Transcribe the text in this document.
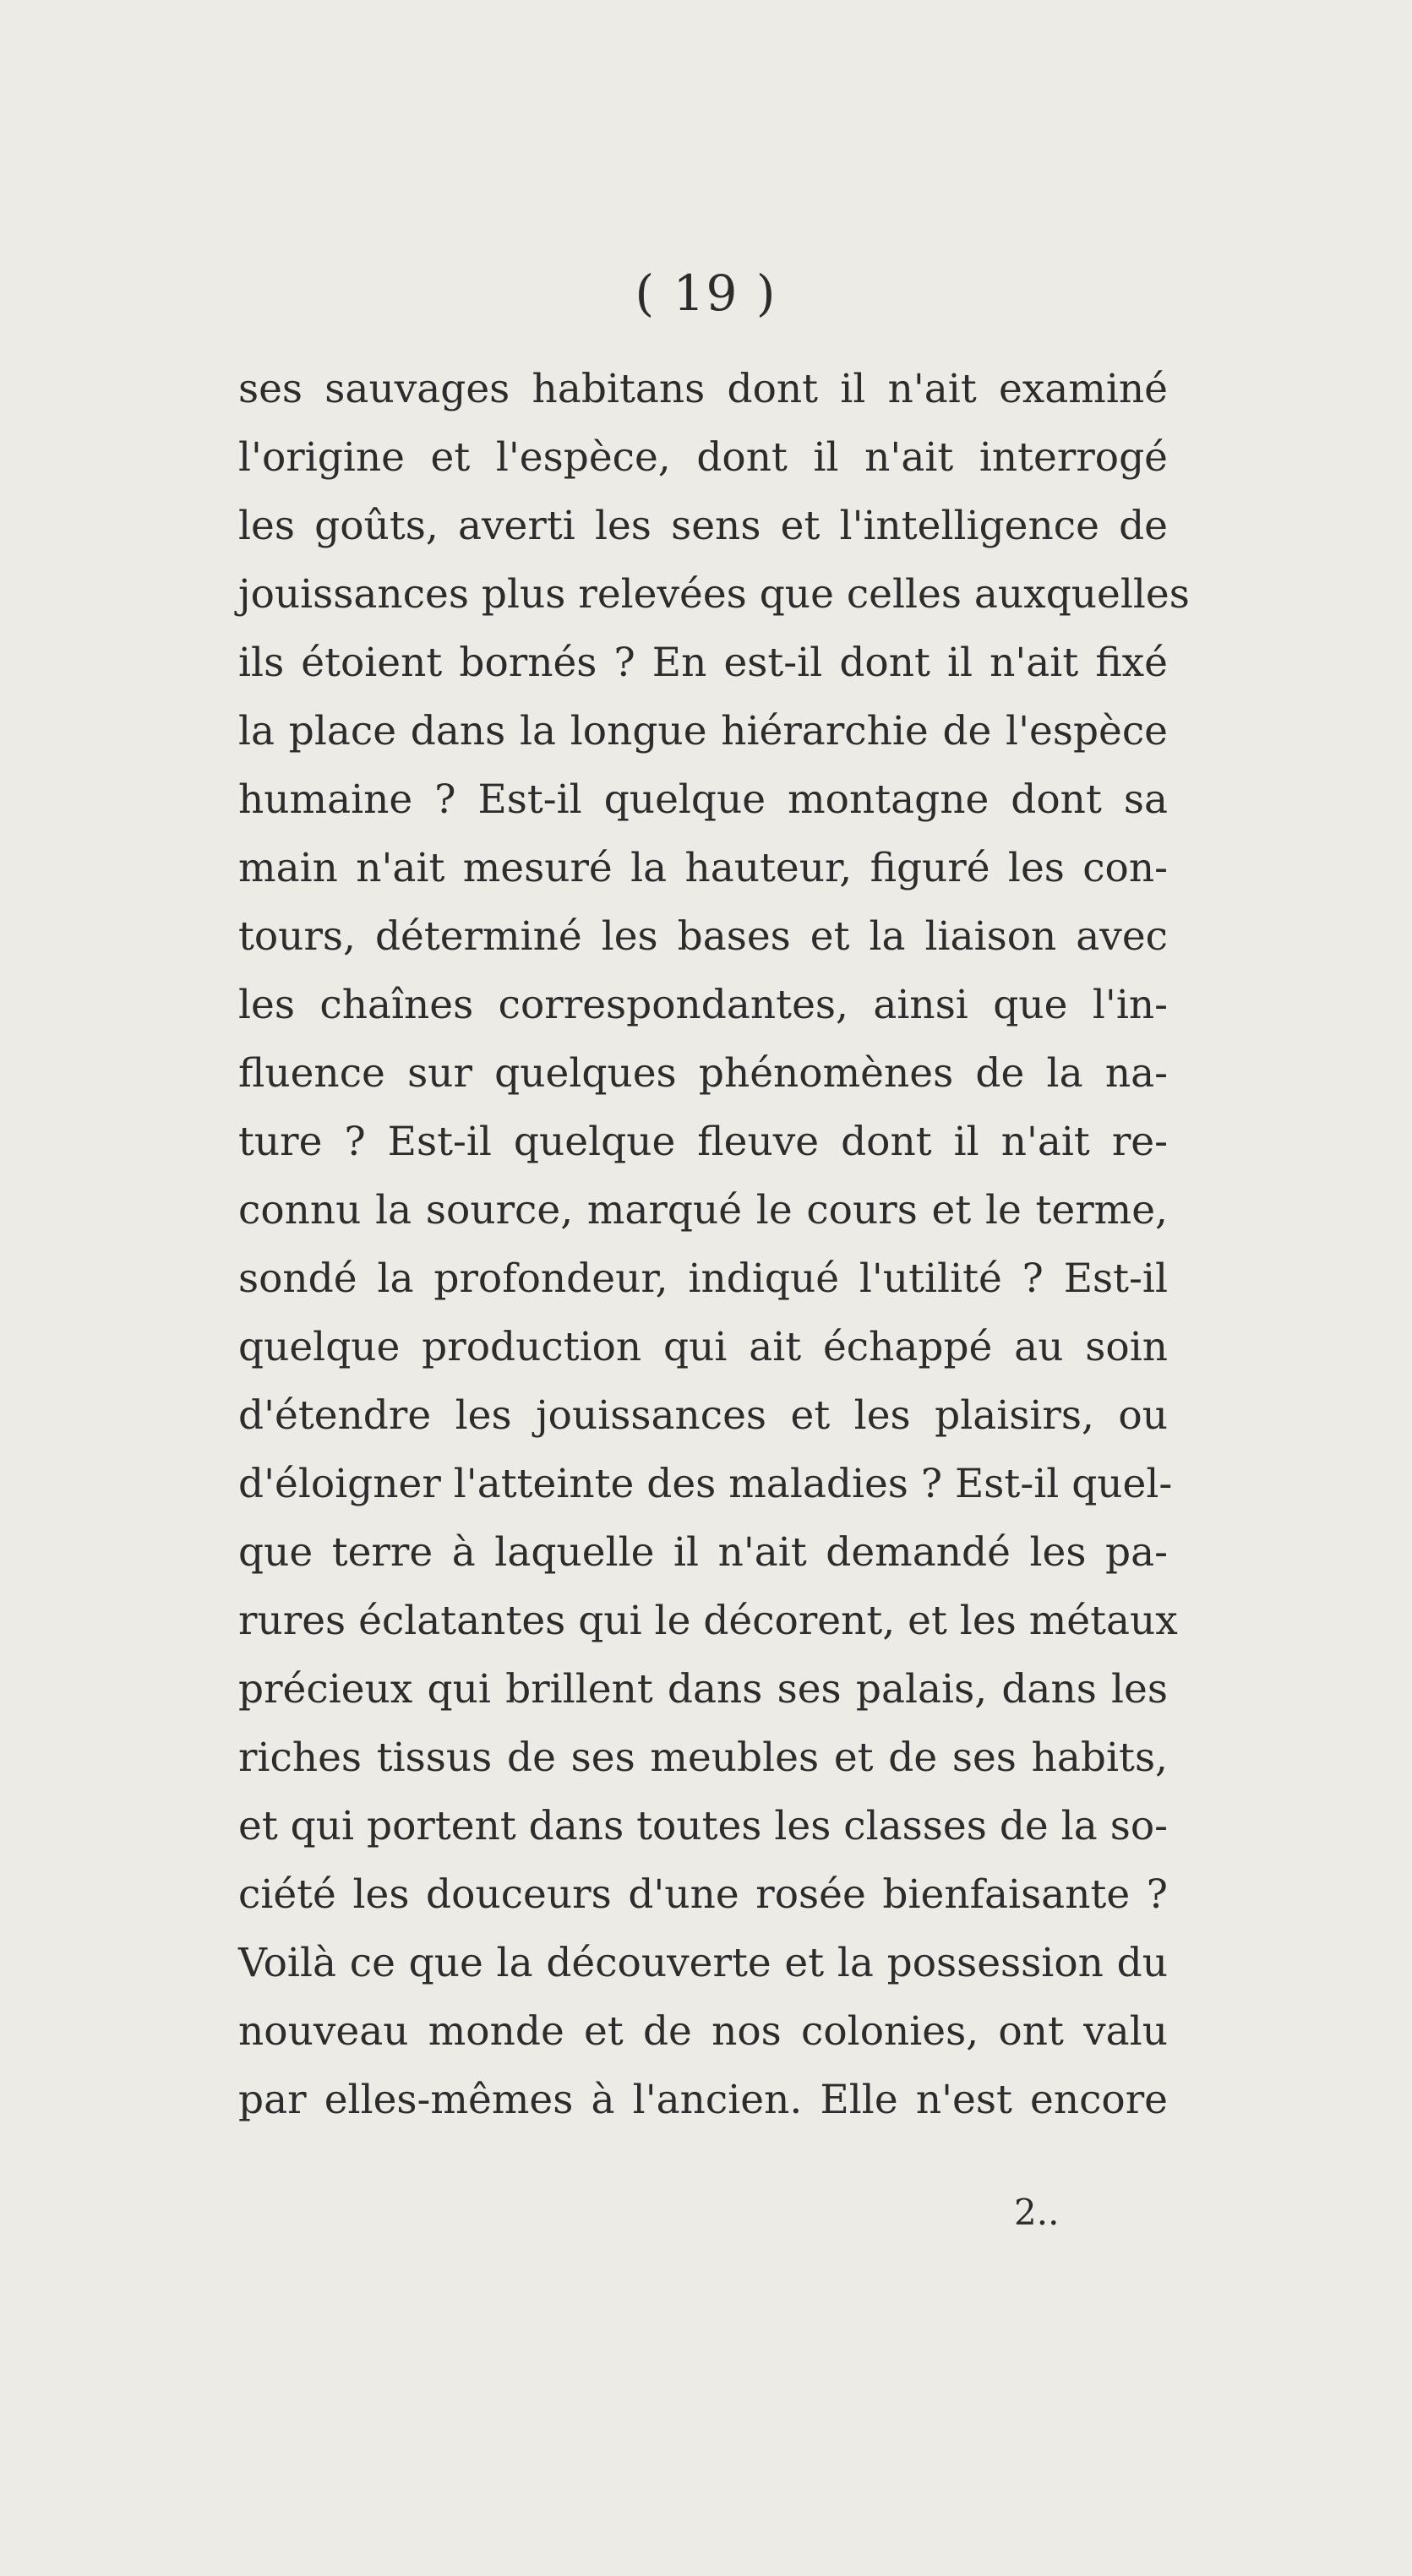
( 19 )
ses sauvages habitans dont il n'ait examiné
l'origine et l'espèce, dont il n'ait interrogé
les goûts, averti les sens et l'intelligence de
jouissances plus relevées que celles auxquelles
ils étoient bornés ? En est-il dont il n'ait fixé
la place dans la longue hiérarchie de l'espèce
humaine ? Est-il quelque montagne dont sa
main n'ait mesuré la hauteur, figuré les con-
tours, déterminé les bases et la liaison avec
les chaînes correspondantes, ainsi que l'in-
fluence sur quelques phénomènes de la na-
ture ? Est-il quelque fleuve dont il n'ait re-
connu la source, marqué le cours et le terme,
sondé la profondeur, indiqué l'utilité ? Est-il
quelque production qui ait échappé au soin
d'étendre les jouissances et les plaisirs, ou
d'éloigner l'atteinte des maladies ? Est-il quel-
que terre à laquelle il n'ait demandé les pa-
rures éclatantes qui le décorent, et les métaux
précieux qui brillent dans ses palais, dans les
riches tissus de ses meubles et de ses habits,
et qui portent dans toutes les classes de la so-
ciété les douceurs d'une rosée bienfaisante ?
Voilà ce que la découverte et la possession du
nouveau monde et de nos colonies, ont valu
par elles-mêmes à l'ancien. Elle n'est encore
2..
